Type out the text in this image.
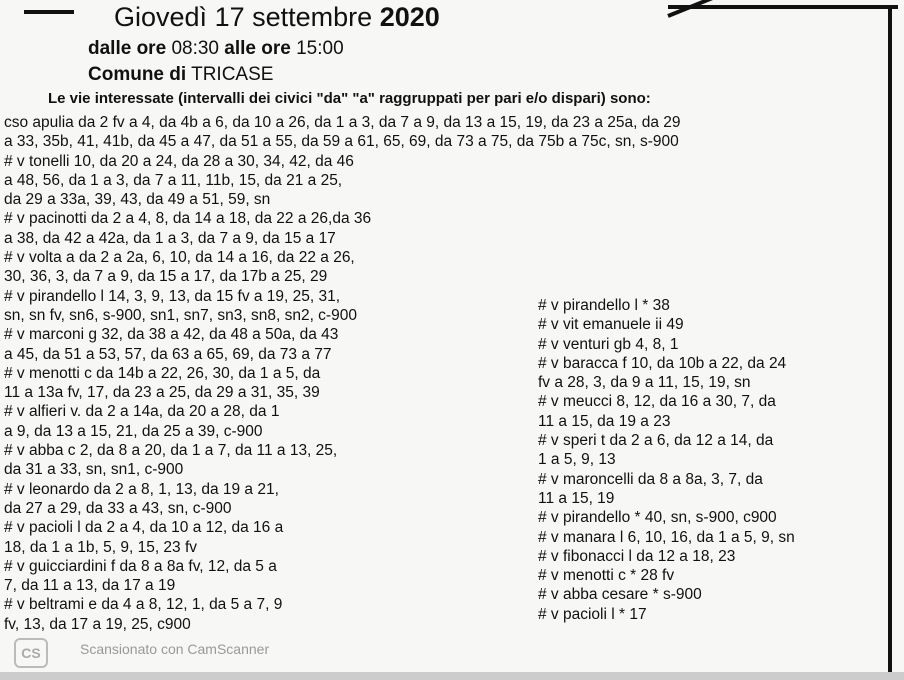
Giovedì 17 settembre 2020
dalle ore 08:30 alle ore 15:00
Comune di TRICASE
Le vie interessate (intervalli dei civici "da" "a" raggruppati per pari e/o dispari) sono:
cso apulia da 2 fv a 4, da 4b a 6, da 10 a 26, da 1 a 3, da 7 a 9, da 13 a 15, 19, da 23 a 25a, da 29
a 33, 35b, 41, 41b, da 45 a 47, da 51 a 55, da 59 a 61, 65, 69, da 73 a 75, da 75b a 75c, sn, s-900
# v tonelli 10, da 20 a 24, da 28 a 30, 34, 42, da 46
a 48, 56, da 1 a 3, da 7 a 11, 11b, 15, da 21 a 25,
da 29 a 33a, 39, 43, da 49 a 51, 59, sn
# v pacinotti da 2 a 4, 8, da 14 a 18, da 22 a 26,da 36
a 38, da 42 a 42a, da 1 a 3, da 7 a 9, da 15 a 17
# v volta a da 2 a 2a, 6, 10, da 14 a 16, da 22 a 26,
30, 36, 3, da 7 a 9, da 15 a 17, da 17b a 25, 29
# v pirandello l 14, 3, 9, 13, da 15 fv a 19, 25, 31,
sn, sn fv, sn6, s-900, sn1, sn7, sn3, sn8, sn2, c-900
# v marconi g 32, da 38 a 42, da 48 a 50a, da 43
a 45, da 51 a 53, 57, da 63 a 65, 69, da 73 a 77
# v menotti c da 14b a 22, 26, 30, da 1 a 5, da
11 a 13a fv, 17, da 23 a 25, da 29 a 31, 35, 39
# v alfieri v. da 2 a 14a, da 20 a 28, da 1
a 9, da 13 a 15, 21, da 25 a 39, c-900
# v abba c 2, da 8 a 20, da 1 a 7, da 11 a 13, 25,
da 31 a 33, sn, sn1, c-900
# v leonardo da 2 a 8, 1, 13, da 19 a 21,
da 27 a 29, da 33 a 43, sn, c-900
# v pacioli l da 2 a 4, da 10 a 12, da 16 a
18, da 1 a 1b, 5, 9, 15, 23 fv
# v guicciardini f da 8 a 8a fv, 12, da 5 a
7, da 11 a 13, da 17 a 19
# v beltrami e da 4 a 8, 12, 1, da 5 a 7, 9
fv, 13, da 17 a 19, 25, c900
# v pirandello l * 38
# v vit emanuele ii 49
# v venturi gb 4, 8, 1
# v baracca f 10, da 10b a 22, da 24
fv a 28, 3, da 9 a 11, 15, 19, sn
# v meucci 8, 12, da 16 a 30, 7, da
11 a 15, da 19 a 23
# v speri t da 2 a 6, da 12 a 14, da
1 a 5, 9, 13
# v maroncelli da 8 a 8a, 3, 7, da
11 a 15, 19
# v pirandello * 40, sn, s-900, c900
# v manara l 6, 10, 16, da 1 a 5, 9, sn
# v fibonacci l da 12 a 18, 23
# v menotti c * 28 fv
# v abba cesare * s-900
# v pacioli l * 17
CS	Scansionato con CamScanner
